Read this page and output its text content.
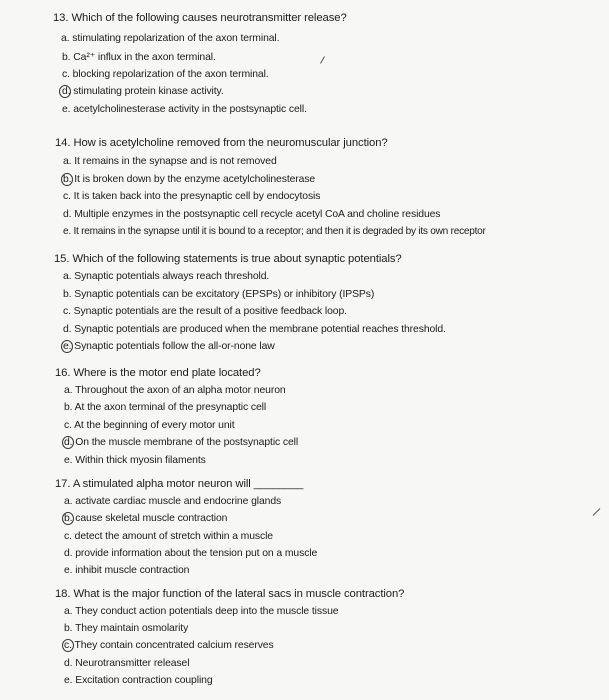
13. Which of the following causes neurotransmitter release?
a. stimulating repolarization of the axon terminal.
b. Ca²⁺ influx in the axon terminal.
c. blocking repolarization of the axon terminal.
d. stimulating protein kinase activity.
e. acetylcholinesterase activity in the postsynaptic cell.
14. How is acetylcholine removed from the neuromuscular junction?
a. It remains in the synapse and is not removed
b. It is broken down by the enzyme acetylcholinesterase
c. It is taken back into the presynaptic cell by endocytosis
d. Multiple enzymes in the postsynaptic cell recycle acetyl CoA and choline residues
e. It remains in the synapse until it is bound to a receptor; and then it is degraded by its own receptor
15. Which of the following statements is true about synaptic potentials?
a. Synaptic potentials always reach threshold.
b. Synaptic potentials can be excitatory (EPSPs) or inhibitory (IPSPs)
c. Synaptic potentials are the result of a positive feedback loop.
d. Synaptic potentials are produced when the membrane potential reaches threshold.
e. Synaptic potentials follow the all-or-none law
16. Where is the motor end plate located?
a. Throughout the axon of an alpha motor neuron
b. At the axon terminal of the presynaptic cell
c. At the beginning of every motor unit
d. On the muscle membrane of the postsynaptic cell
e. Within thick myosin filaments
17. A stimulated alpha motor neuron will ________
a. activate cardiac muscle and endocrine glands
b. cause skeletal muscle contraction
c. detect the amount of stretch within a muscle
d. provide information about the tension put on a muscle
e. inhibit muscle contraction
18. What is the major function of the lateral sacs in muscle contraction?
a. They conduct action potentials deep into the muscle tissue
b. They maintain osmolarity
c. They contain concentrated calcium reserves
d. Neurotransmitter releasel
e. Excitation contraction coupling
